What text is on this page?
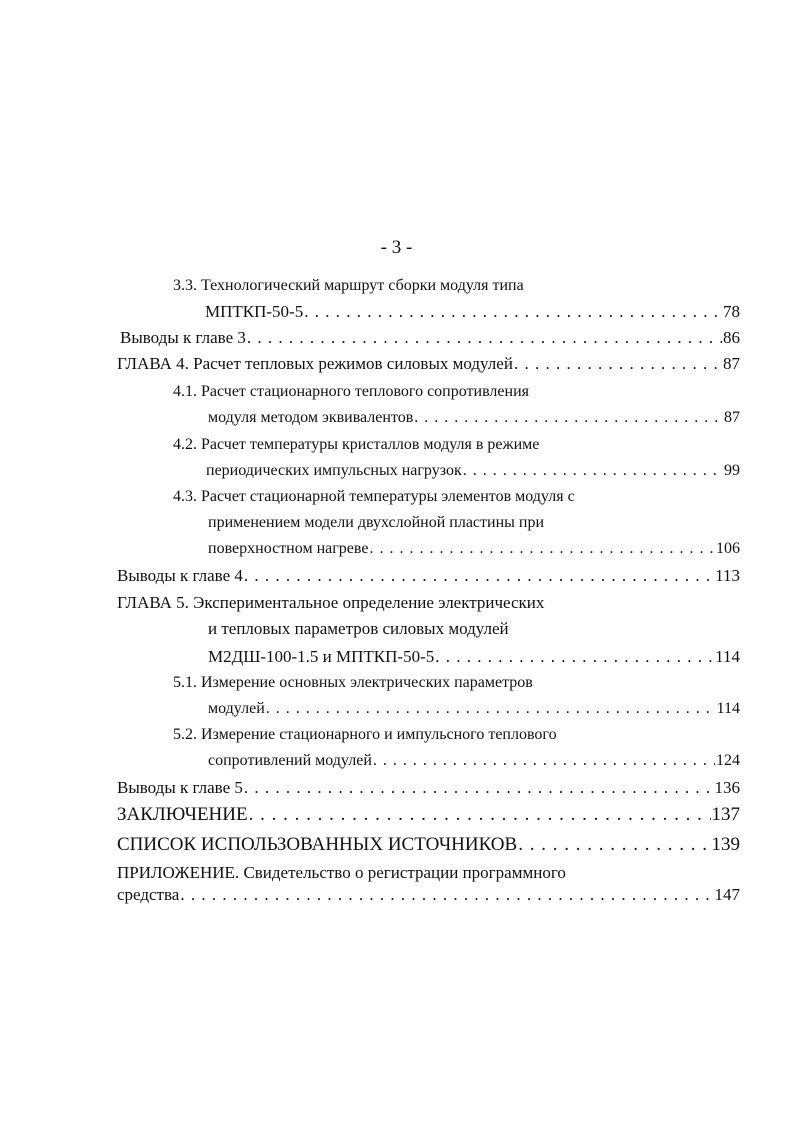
- 3 -
3.3. Технологический маршрут сборки модуля типа
МПТКП-50-5 . . .	78
Выводы к главе 3 . . .	86
ГЛАВА 4. Расчет тепловых режимов силовых модулей . . .	87
4.1. Расчет стационарного теплового сопротивления
модуля методом эквивалентов . . .	87
4.2. Расчет температуры кристаллов модуля в режиме
периодических импульсных нагрузок . . .	99
4.3. Расчет стационарной температуры элементов модуля с
применением модели двухслойной пластины при
поверхностном нагреве . . .	106
Выводы к главе 4 . . .	113
ГЛАВА 5. Экспериментальное определение электрических
и тепловых параметров силовых модулей
М2ДШ-100-1.5 и МПТКП-50-5 . . .	114
5.1. Измерение основных электрических параметров
модулей . . .	114
5.2. Измерение стационарного и импульсного теплового
сопротивлений модулей . . .	124
Выводы к главе 5 . . .	136
ЗАКЛЮЧЕНИЕ . . .	137
СПИСОК ИСПОЛЬЗОВАННЫХ ИСТОЧНИКОВ . . .	139
ПРИЛОЖЕНИЕ. Свидетельство о регистрации программного
средства . . .	147
